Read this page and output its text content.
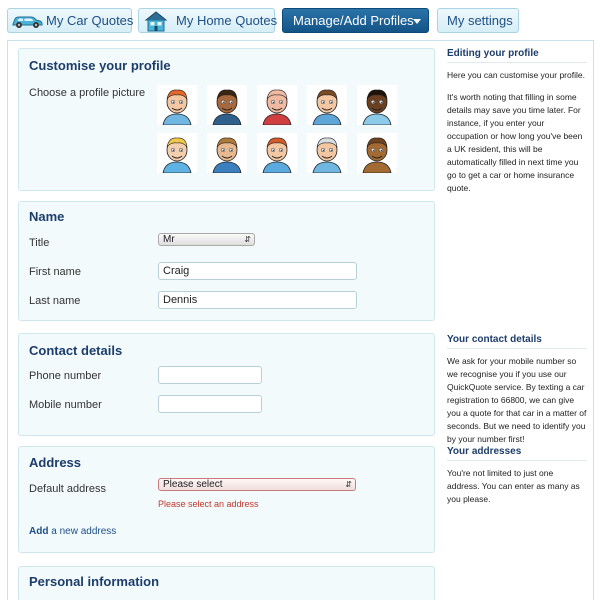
My Car Quotes	My Home Quotes Manage/Add Profiles	My settings
Customise your profile
Choose a profile picture
Name
Title	Mr	⇵
First name	Craig
Last name	Dennis
Contact details
Phone number
Mobile number
Address
Default address	Please select	⇵
Please select an address
Add a new address
Personal information
Editing your profile

Here you can customise your profile.

It's worth noting that filling in some details may save you time later. For instance, if you enter your occupation or how long you've been a UK resident, this will be automatically filled in next time you go to get a car or home insurance quote.

Your contact details

We ask for your mobile number so we recognise you if you use our QuickQuote service. By texting a car registration to 66800, we can give you a quote for that car in a matter of seconds. But we need to identify you by your number first!

Your addresses

You're not limited to just one address. You can enter as many as you please.
